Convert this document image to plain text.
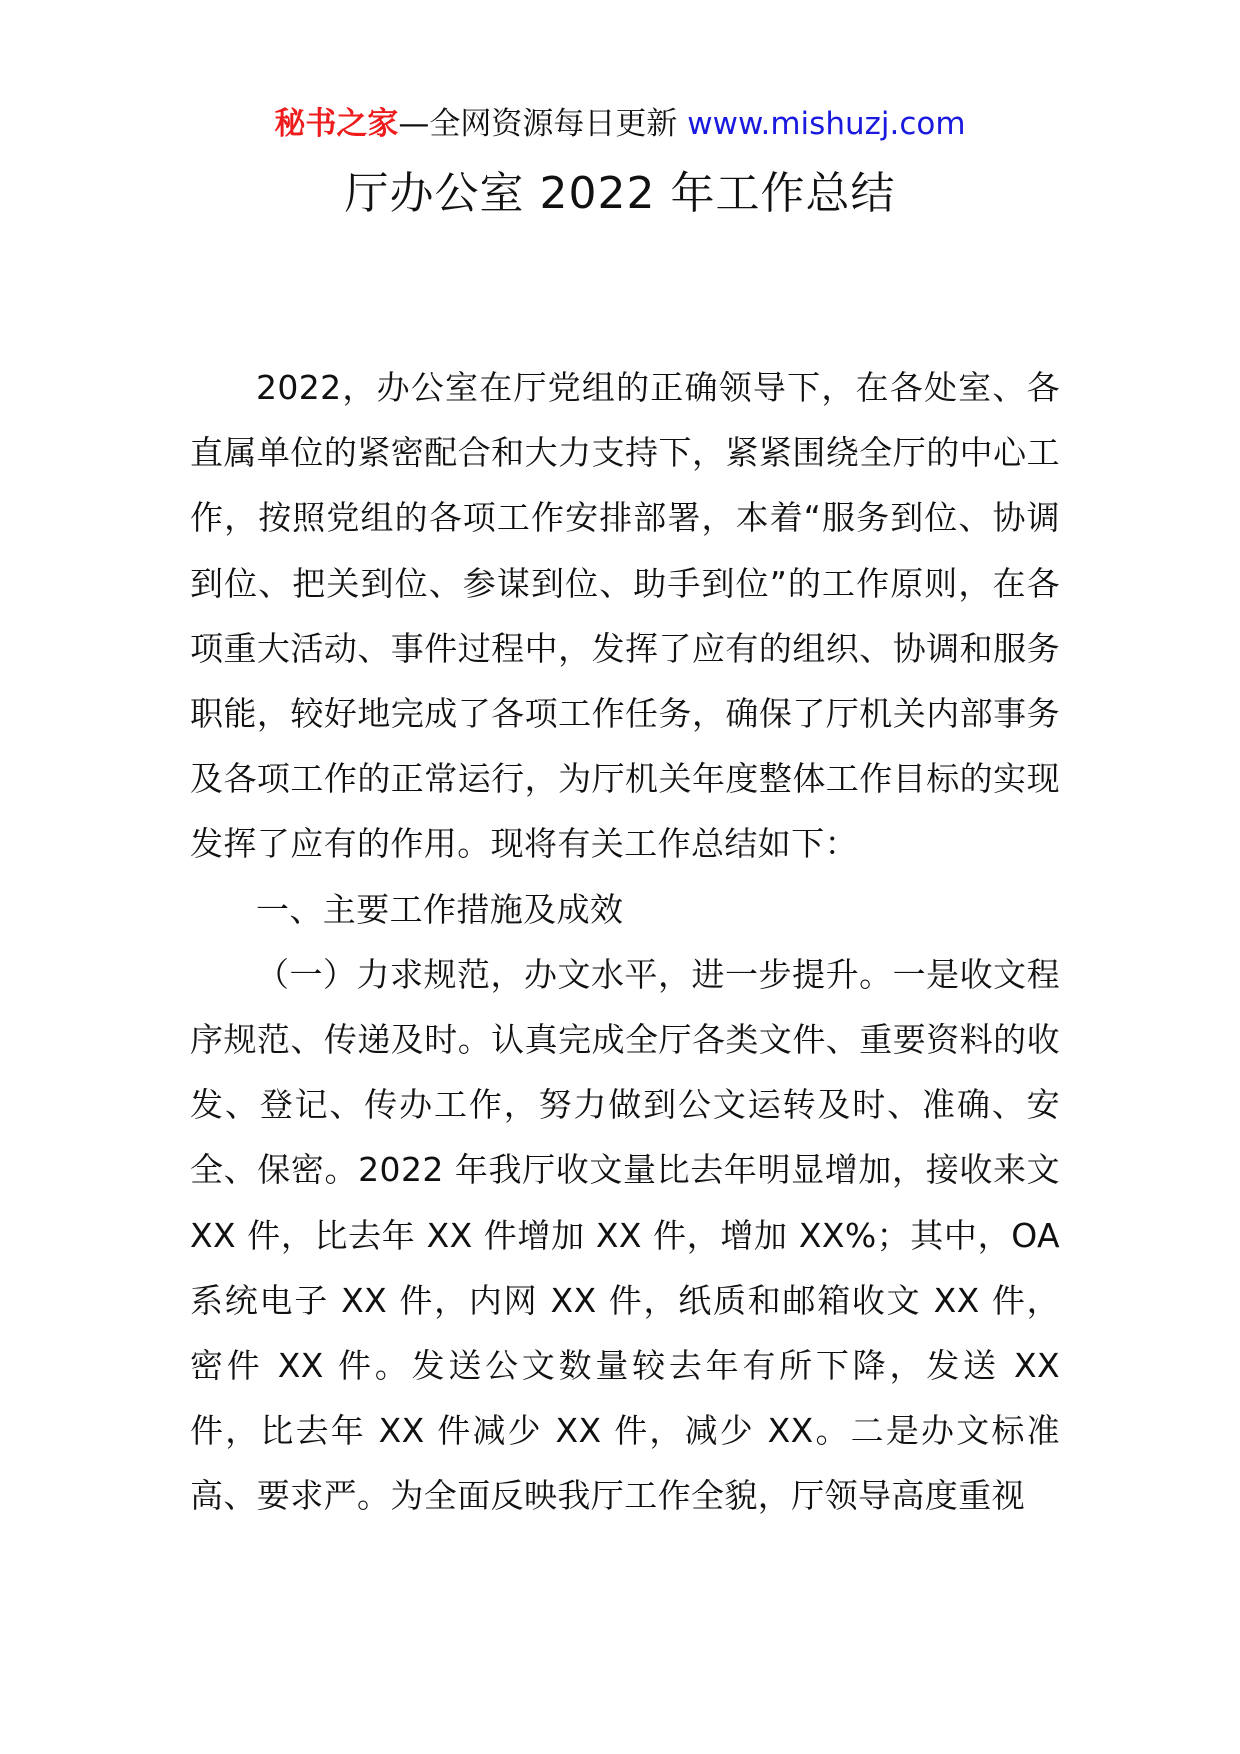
秘书之家—全网资源每日更新 www.mishuzj.com
厅办公室 2022 年工作总结

2022，办公室在厅党组的正确领导下，在各处室、各直属单位的紧密配合和大力支持下，紧紧围绕全厅的中心工作，按照党组的各项工作安排部署，本着“服务到位、协调到位、把关到位、参谋到位、助手到位”的工作原则，在各项重大活动、事件过程中，发挥了应有的组织、协调和服务职能，较好地完成了各项工作任务，确保了厅机关内部事务及各项工作的正常运行，为厅机关年度整体工作目标的实现发挥了应有的作用。现将有关工作总结如下：

一、主要工作措施及成效

（一）力求规范，办文水平，进一步提升。一是收文程序规范、传递及时。认真完成全厅各类文件、重要资料的收发、登记、传办工作，努力做到公文运转及时、准确、安全、保密。2022 年我厅收文量比去年明显增加，接收来文 XX 件，比去年 XX 件增加 XX 件，增加 XX%；其中，OA 系统电子 XX 件，内网 XX 件，纸质和邮箱收文 XX 件，密件 XX 件。发送公文数量较去年有所下降，发送 XX 件，比去年 XX 件减少 XX 件，减少 XX。二是办文标准高、要求严。为全面反映我厅工作全貌，厅领导高度重视
